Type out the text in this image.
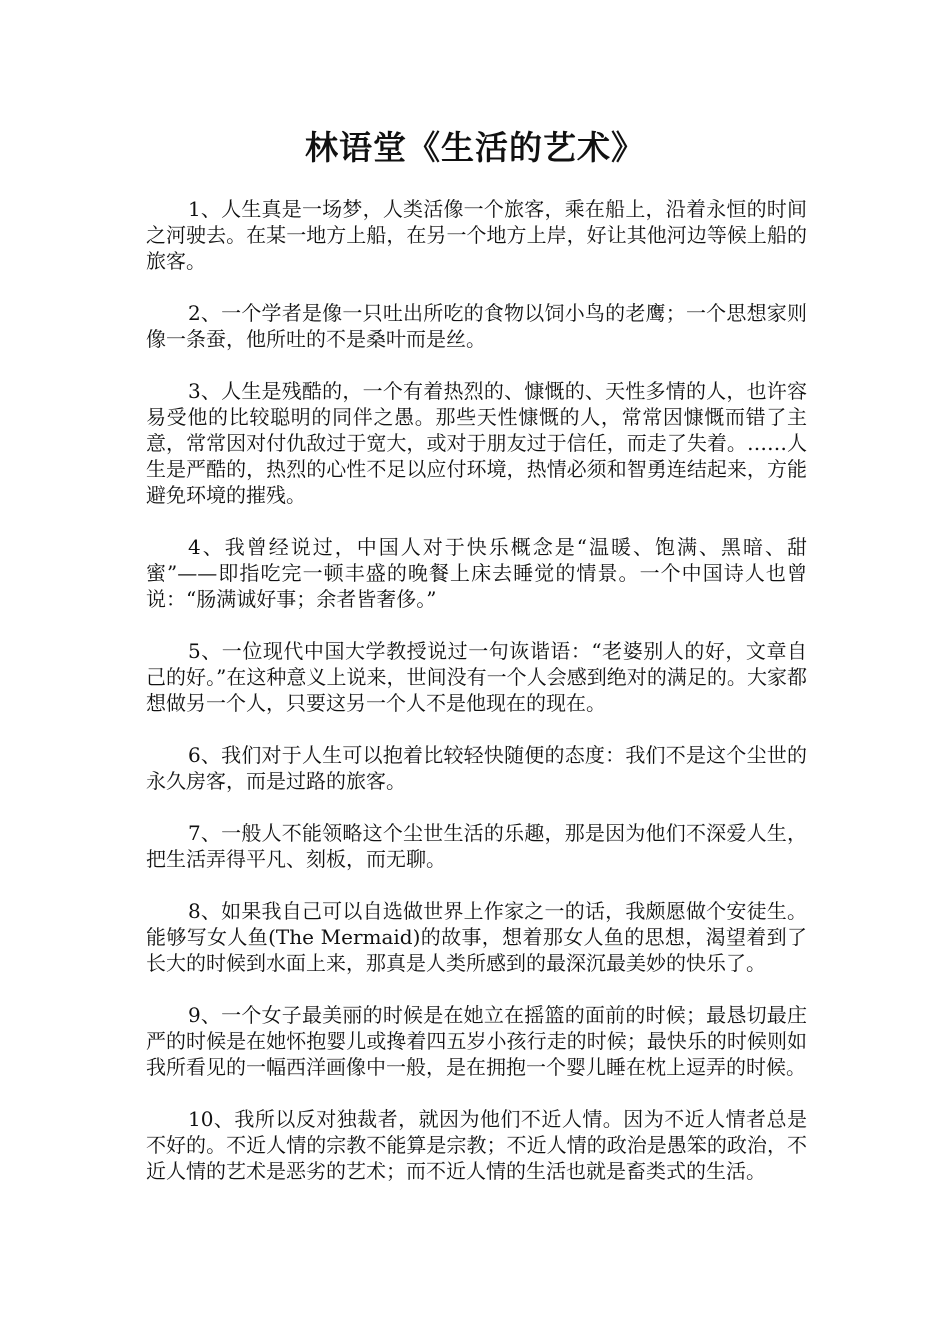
林语堂《生活的艺术》

1、人生真是一场梦，人类活像一个旅客，乘在船上，沿着永恒的时间之河驶去。在某一地方上船，在另一个地方上岸，好让其他河边等候上船的旅客。

2、一个学者是像一只吐出所吃的食物以饲小鸟的老鹰；一个思想家则像一条蚕，他所吐的不是桑叶而是丝。

3、人生是残酷的，一个有着热烈的、慷慨的、天性多情的人，也许容易受他的比较聪明的同伴之愚。那些天性慷慨的人，常常因慷慨而错了主意，常常因对付仇敌过于宽大，或对于朋友过于信任，而走了失着。……人生是严酷的，热烈的心性不足以应付环境，热情必须和智勇连结起来，方能避免环境的摧残。

4、我曾经说过，中国人对于快乐概念是“温暖、饱满、黑暗、甜蜜”——即指吃完一顿丰盛的晚餐上床去睡觉的情景。一个中国诗人也曾说：“肠满诚好事；余者皆奢侈。”

5、一位现代中国大学教授说过一句诙谐语：“老婆别人的好，文章自己的好。”在这种意义上说来，世间没有一个人会感到绝对的满足的。大家都想做另一个人，只要这另一个人不是他现在的现在。

6、我们对于人生可以抱着比较轻快随便的态度：我们不是这个尘世的永久房客，而是过路的旅客。

7、一般人不能领略这个尘世生活的乐趣，那是因为他们不深爱人生，把生活弄得平凡、刻板，而无聊。

8、如果我自己可以自选做世界上作家之一的话，我颇愿做个安徒生。能够写女人鱼(The Mermaid)的故事，想着那女人鱼的思想，渴望着到了长大的时候到水面上来，那真是人类所感到的最深沉最美妙的快乐了。

9、一个女子最美丽的时候是在她立在摇篮的面前的时候；最恳切最庄严的时候是在她怀抱婴儿或搀着四五岁小孩行走的时候；最快乐的时候则如我所看见的一幅西洋画像中一般，是在拥抱一个婴儿睡在枕上逗弄的时候。

10、我所以反对独裁者，就因为他们不近人情。因为不近人情者总是不好的。不近人情的宗教不能算是宗教；不近人情的政治是愚笨的政治，不近人情的艺术是恶劣的艺术；而不近人情的生活也就是畜类式的生活。
